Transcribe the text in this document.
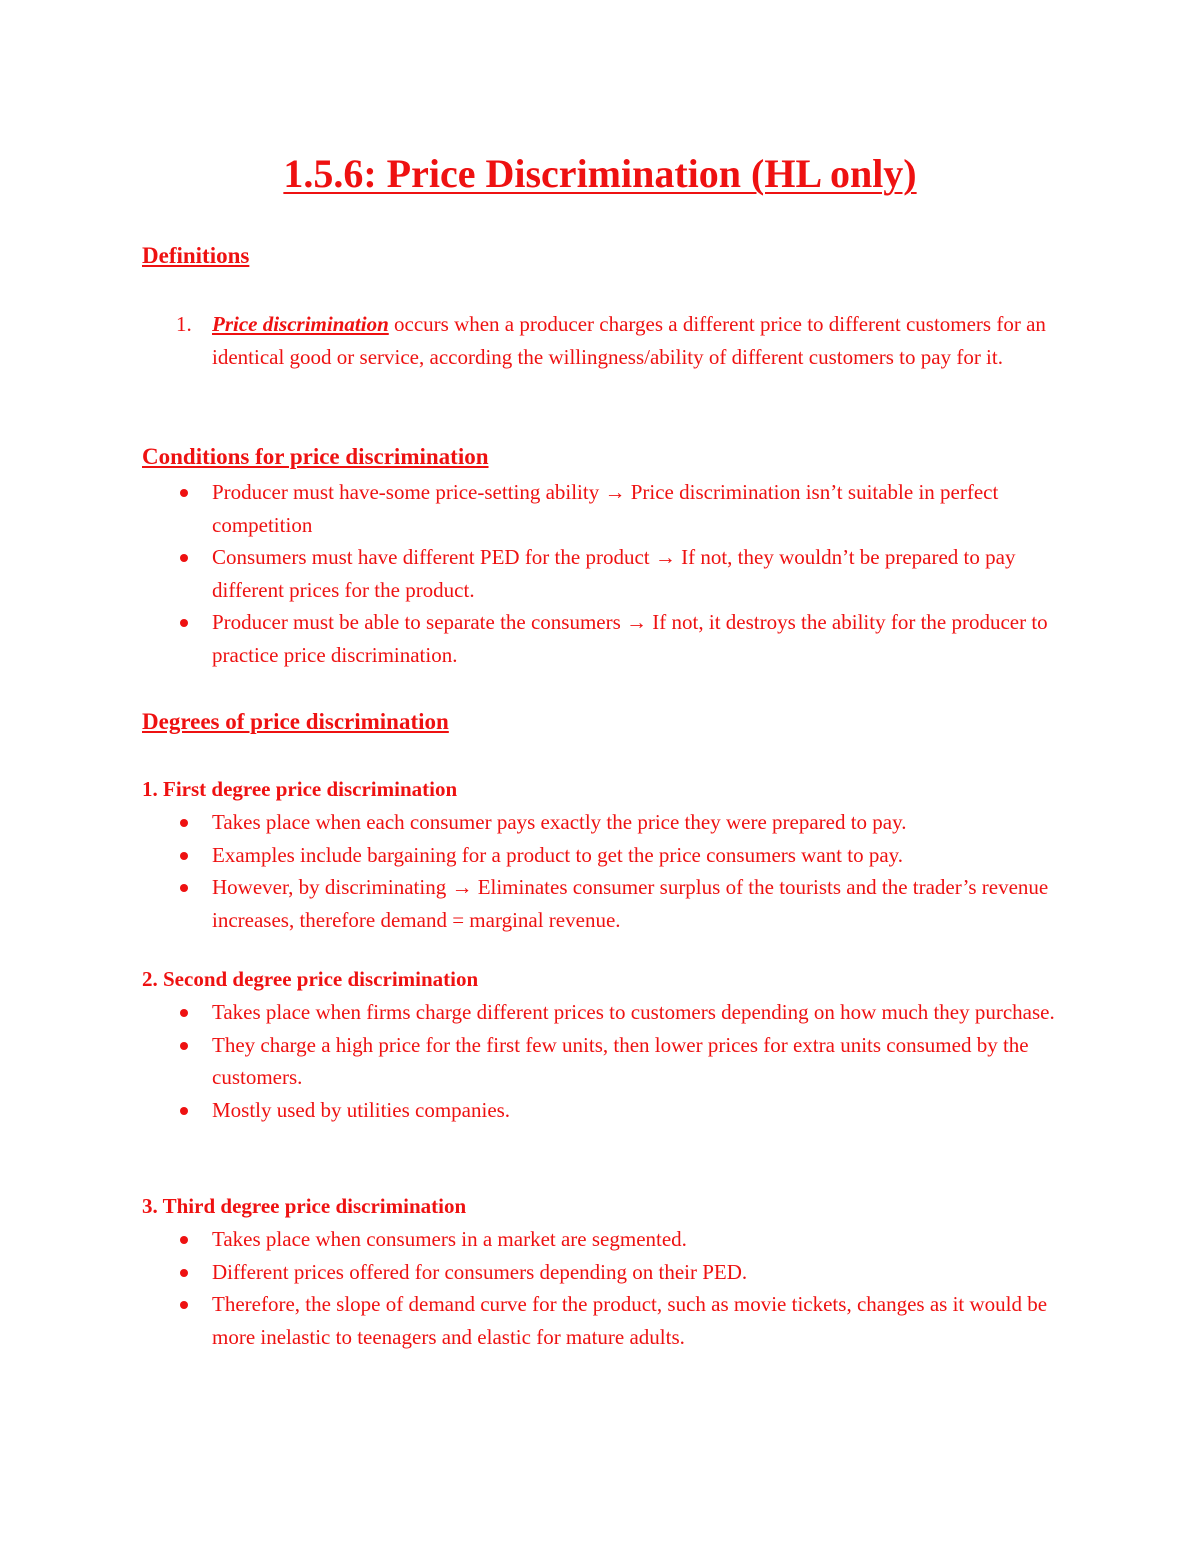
1.5.6: Price Discrimination (HL only)
Definitions
1. Price discrimination occurs when a producer charges a different price to different customers for an identical good or service, according the willingness/ability of different customers to pay for it.
Conditions for price discrimination
Producer must have-some price-setting ability → Price discrimination isn’t suitable in perfect competition
Consumers must have different PED for the product → If not, they wouldn’t be prepared to pay different prices for the product.
Producer must be able to separate the consumers → If not, it destroys the ability for the producer to practice price discrimination.
Degrees of price discrimination
1. First degree price discrimination
Takes place when each consumer pays exactly the price they were prepared to pay.
Examples include bargaining for a product to get the price consumers want to pay.
However, by discriminating → Eliminates consumer surplus of the tourists and the trader’s revenue increases, therefore demand = marginal revenue.
2. Second degree price discrimination
Takes place when firms charge different prices to customers depending on how much they purchase.
They charge a high price for the first few units, then lower prices for extra units consumed by the customers.
Mostly used by utilities companies.
3. Third degree price discrimination
Takes place when consumers in a market are segmented.
Different prices offered for consumers depending on their PED.
Therefore, the slope of demand curve for the product, such as movie tickets, changes as it would be more inelastic to teenagers and elastic for mature adults.
